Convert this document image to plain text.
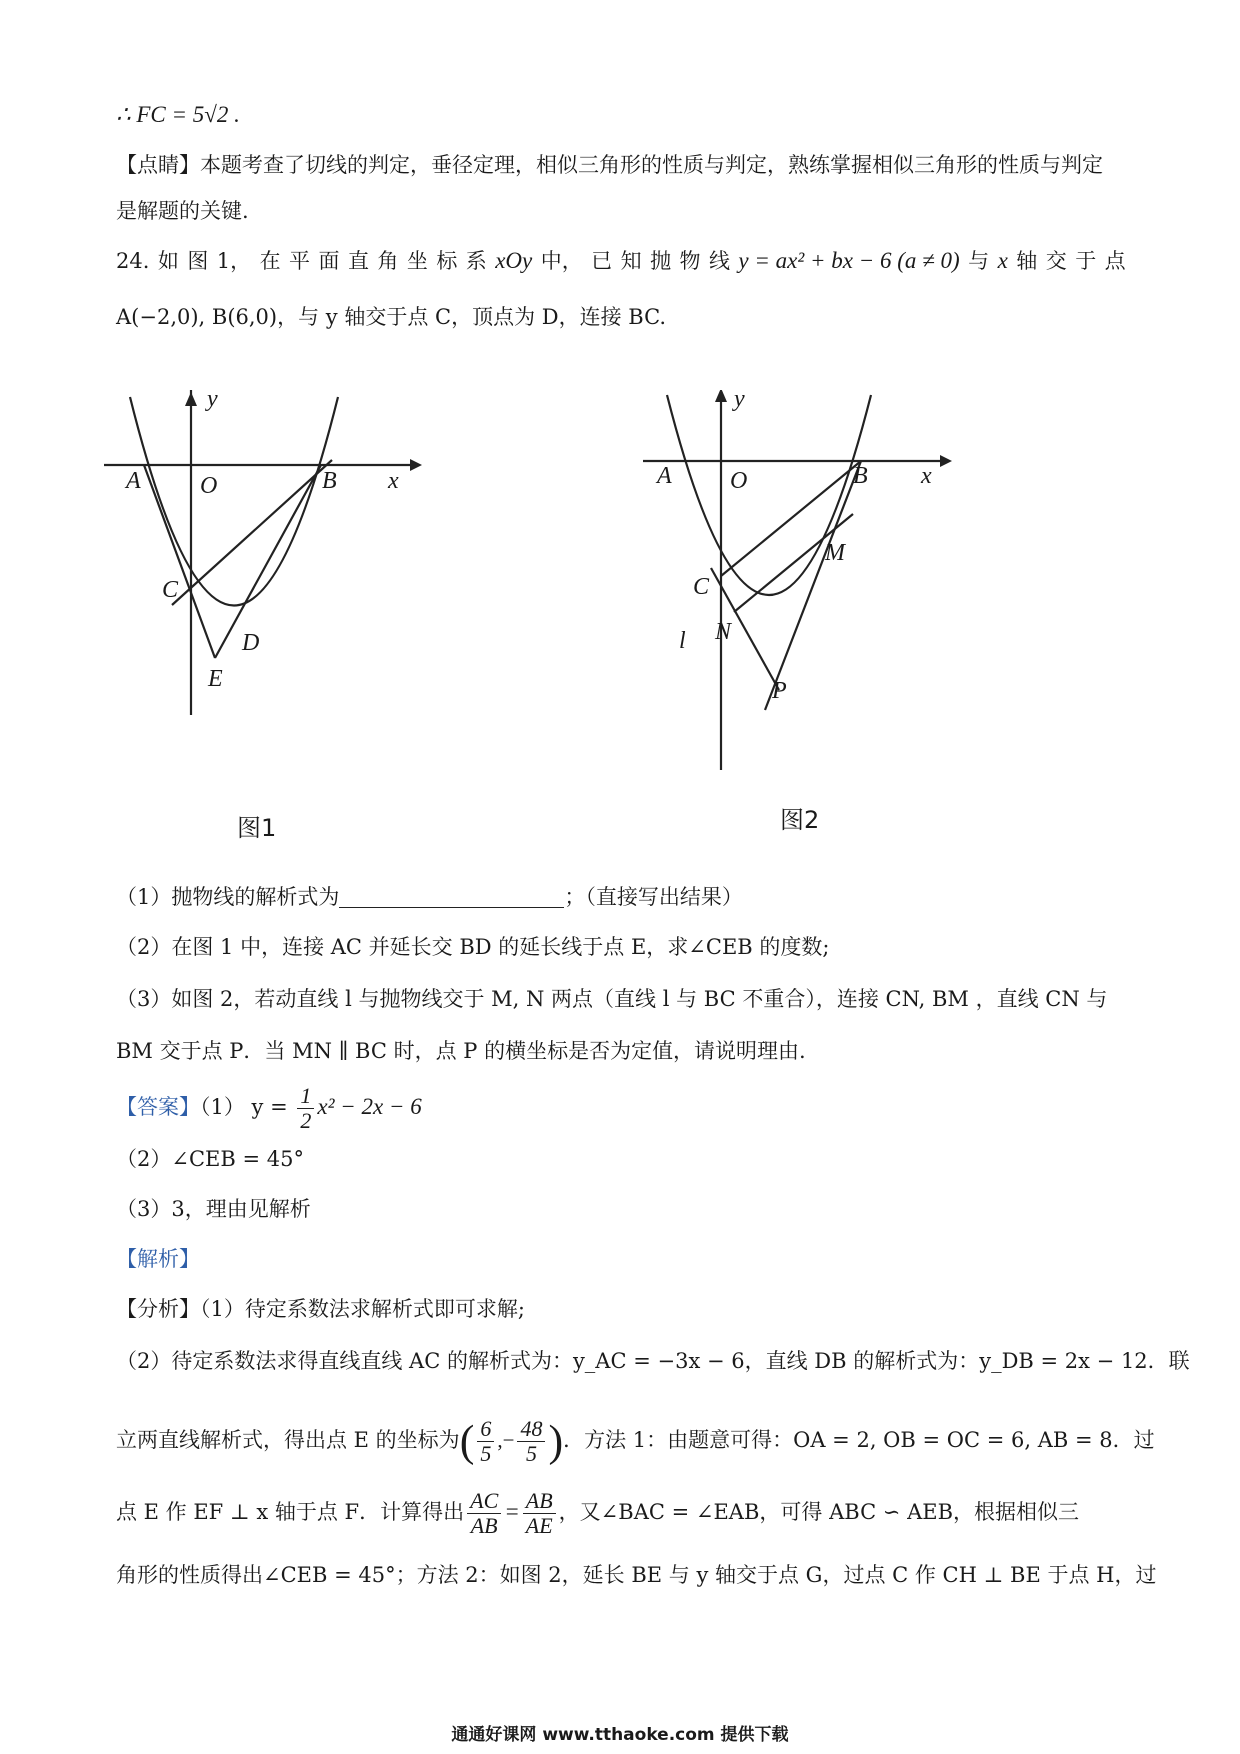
∴ FC = 5√2 .
【点睛】本题考查了切线的判定，垂径定理，相似三角形的性质与判定，熟练掌握相似三角形的性质与判定
是解题的关键.
24. 如 图 1， 在 平 面 直 角 坐 标 系 xOy 中， 已 知 抛 物 线 y = ax² + bx − 6 (a ≠ 0) 与 x 轴 交 于 点
A(−2,0), B(6,0)，与 y 轴交于点 C，顶点为 D，连接 BC.
y
x
A O	B
C
D
E
图1
y
x
A O	B
M
C
N
l
P
图2
（1）抛物线的解析式为	；（直接写出结果）
（2）在图 1 中，连接 AC 并延长交 BD 的延长线于点 E，求∠CEB 的度数;
（3）如图 2，若动直线 l 与抛物线交于 M, N 两点（直线 l 与 BC 不重合），连接 CN, BM ，直线 CN 与
BM 交于点 P．当 MN ∥ BC 时，点 P 的横坐标是否为定值，请说明理由.
【答案】（1） $y = \frac{1}{2} x^2 - 2x - 6$
（2）∠CEB = 45°
（3）3，理由见解析
【解析】
【分析】（1）待定系数法求解析式即可求解;
（2）待定系数法求得直线直线 AC 的解析式为：y_AC = −3x − 6，直线 DB 的解析式为：y_DB = 2x − 12．联
立两直线解析式，得出点 E 的坐标为( $\frac{6}{5}$ ,− $\frac{48}{5}$ )．方法 1：由题意可得：OA = 2, OB = OC = 6, AB = 8．过
点 E 作 EF ⊥ x 轴于点 F．计算得出 $\frac{AC}{AB} = \frac{AB}{AE}$ ，又∠BAC = ∠EAB，可得 ABC ∽ AEB，根据相似三
角形的性质得出∠CEB = 45°；方法 2：如图 2，延长 BE 与 y 轴交于点 G，过点 C 作 CH ⊥ BE 于点 H，过
通通好课网 www.tthaoke.com 提供下载
